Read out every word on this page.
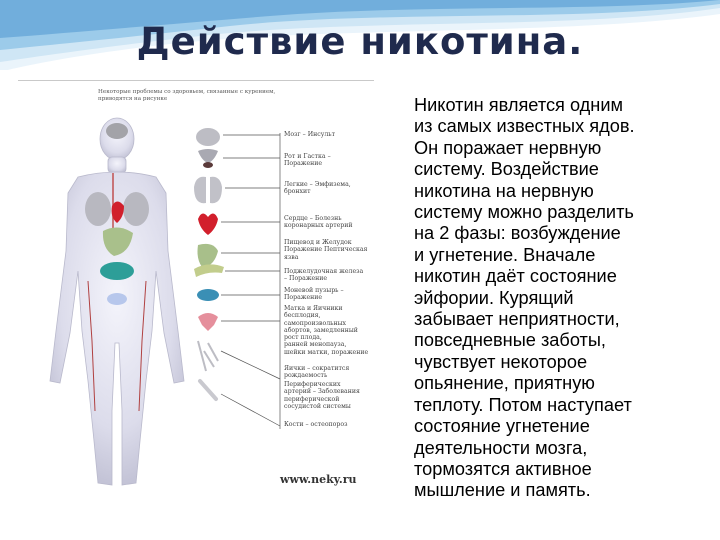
Действие никотина.
Некоторые проблемы со здоровьем, связанные с курением, приводятся на рисунке
Мозг – Инсульт
Рот и Гастка –
Поражение
Легкие – Эмфизема,
бронхит
Сердце – Болезнь
коронарных артерий
Пищевод и Желудок
Поражение Пептическая
язва
Поджелудочная железа
– Поражение
Моневой пузырь –
Поражение
Матка и Яичники
бесплодия,
самопроизвольных
абортов, замедленный
рост плода,
ранней менопауза,
шейки матки, поражение
Яички – сократится
рождаемость
Периферических
артерий – Заболевания
периферической
сосудистой системы
Кости – остеопороз
www.neky.ru

Никотин является одним
из самых известных ядов.
Он поражает нервную
систему. Воздействие
никотина на нервную
систему можно разделить
на 2 фазы: возбуждение
и угнетение. Вначале
никотин даёт состояние
эйфории. Курящий
забывает неприятности,
повседневные заботы,
чувствует некоторое
опьянение, приятную
теплоту. Потом наступает
состояние угнетение
деятельности мозга,
тормозятся активное
мышление и память.
